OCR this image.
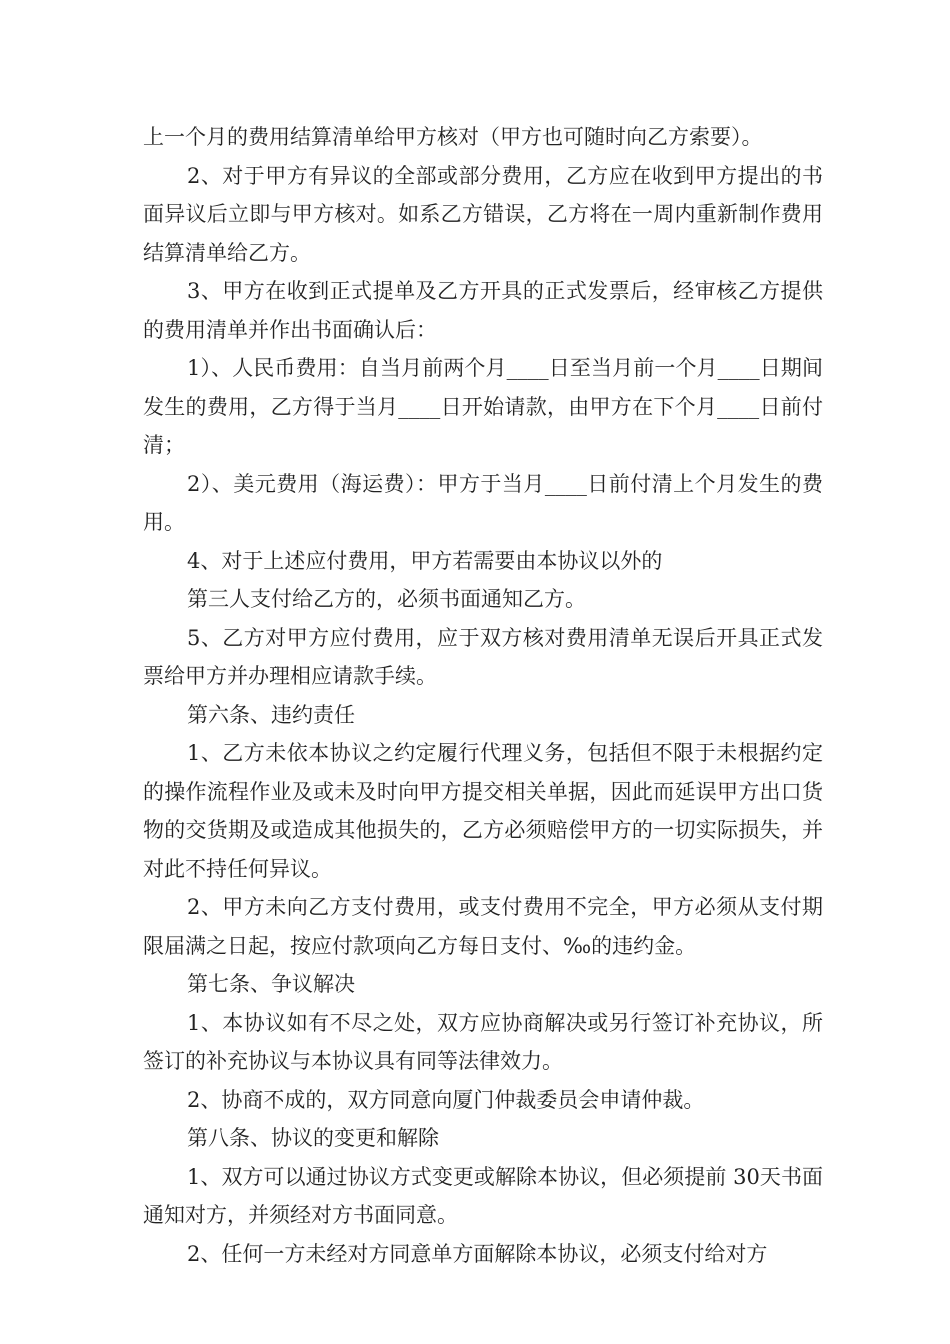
上一个月的费用结算清单给甲方核对（甲方也可随时向乙方索要）。

2、对于甲方有异议的全部或部分费用，乙方应在收到甲方提出的书面异议后立即与甲方核对。如系乙方错误，乙方将在一周内重新制作费用结算清单给乙方。

3、甲方在收到正式提单及乙方开具的正式发票后，经审核乙方提供的费用清单并作出书面确认后：

1）、人民币费用：自当月前两个月____日至当月前一个月____日期间发生的费用，乙方得于当月____日开始请款，由甲方在下个月____日前付清；

2）、美元费用（海运费）：甲方于当月____日前付清上个月发生的费用。

4、对于上述应付费用，甲方若需要由本协议以外的

第三人支付给乙方的，必须书面通知乙方。

5、乙方对甲方应付费用，应于双方核对费用清单无误后开具正式发票给甲方并办理相应请款手续。

第六条、违约责任

1、乙方未依本协议之约定履行代理义务，包括但不限于未根据约定的操作流程作业及或未及时向甲方提交相关单据，因此而延误甲方出口货物的交货期及或造成其他损失的，乙方必须赔偿甲方的一切实际损失，并对此不持任何异议。

2、甲方未向乙方支付费用，或支付费用不完全，甲方必须从支付期限届满之日起，按应付款项向乙方每日支付、‰的违约金。

第七条、争议解决

1、本协议如有不尽之处，双方应协商解决或另行签订补充协议，所签订的补充协议与本协议具有同等法律效力。

2、协商不成的，双方同意向厦门仲裁委员会申请仲裁。

第八条、协议的变更和解除

1、双方可以通过协议方式变更或解除本协议，但必须提前 30天书面通知对方，并须经对方书面同意。

2、任何一方未经对方同意单方面解除本协议，必须支付给对方
